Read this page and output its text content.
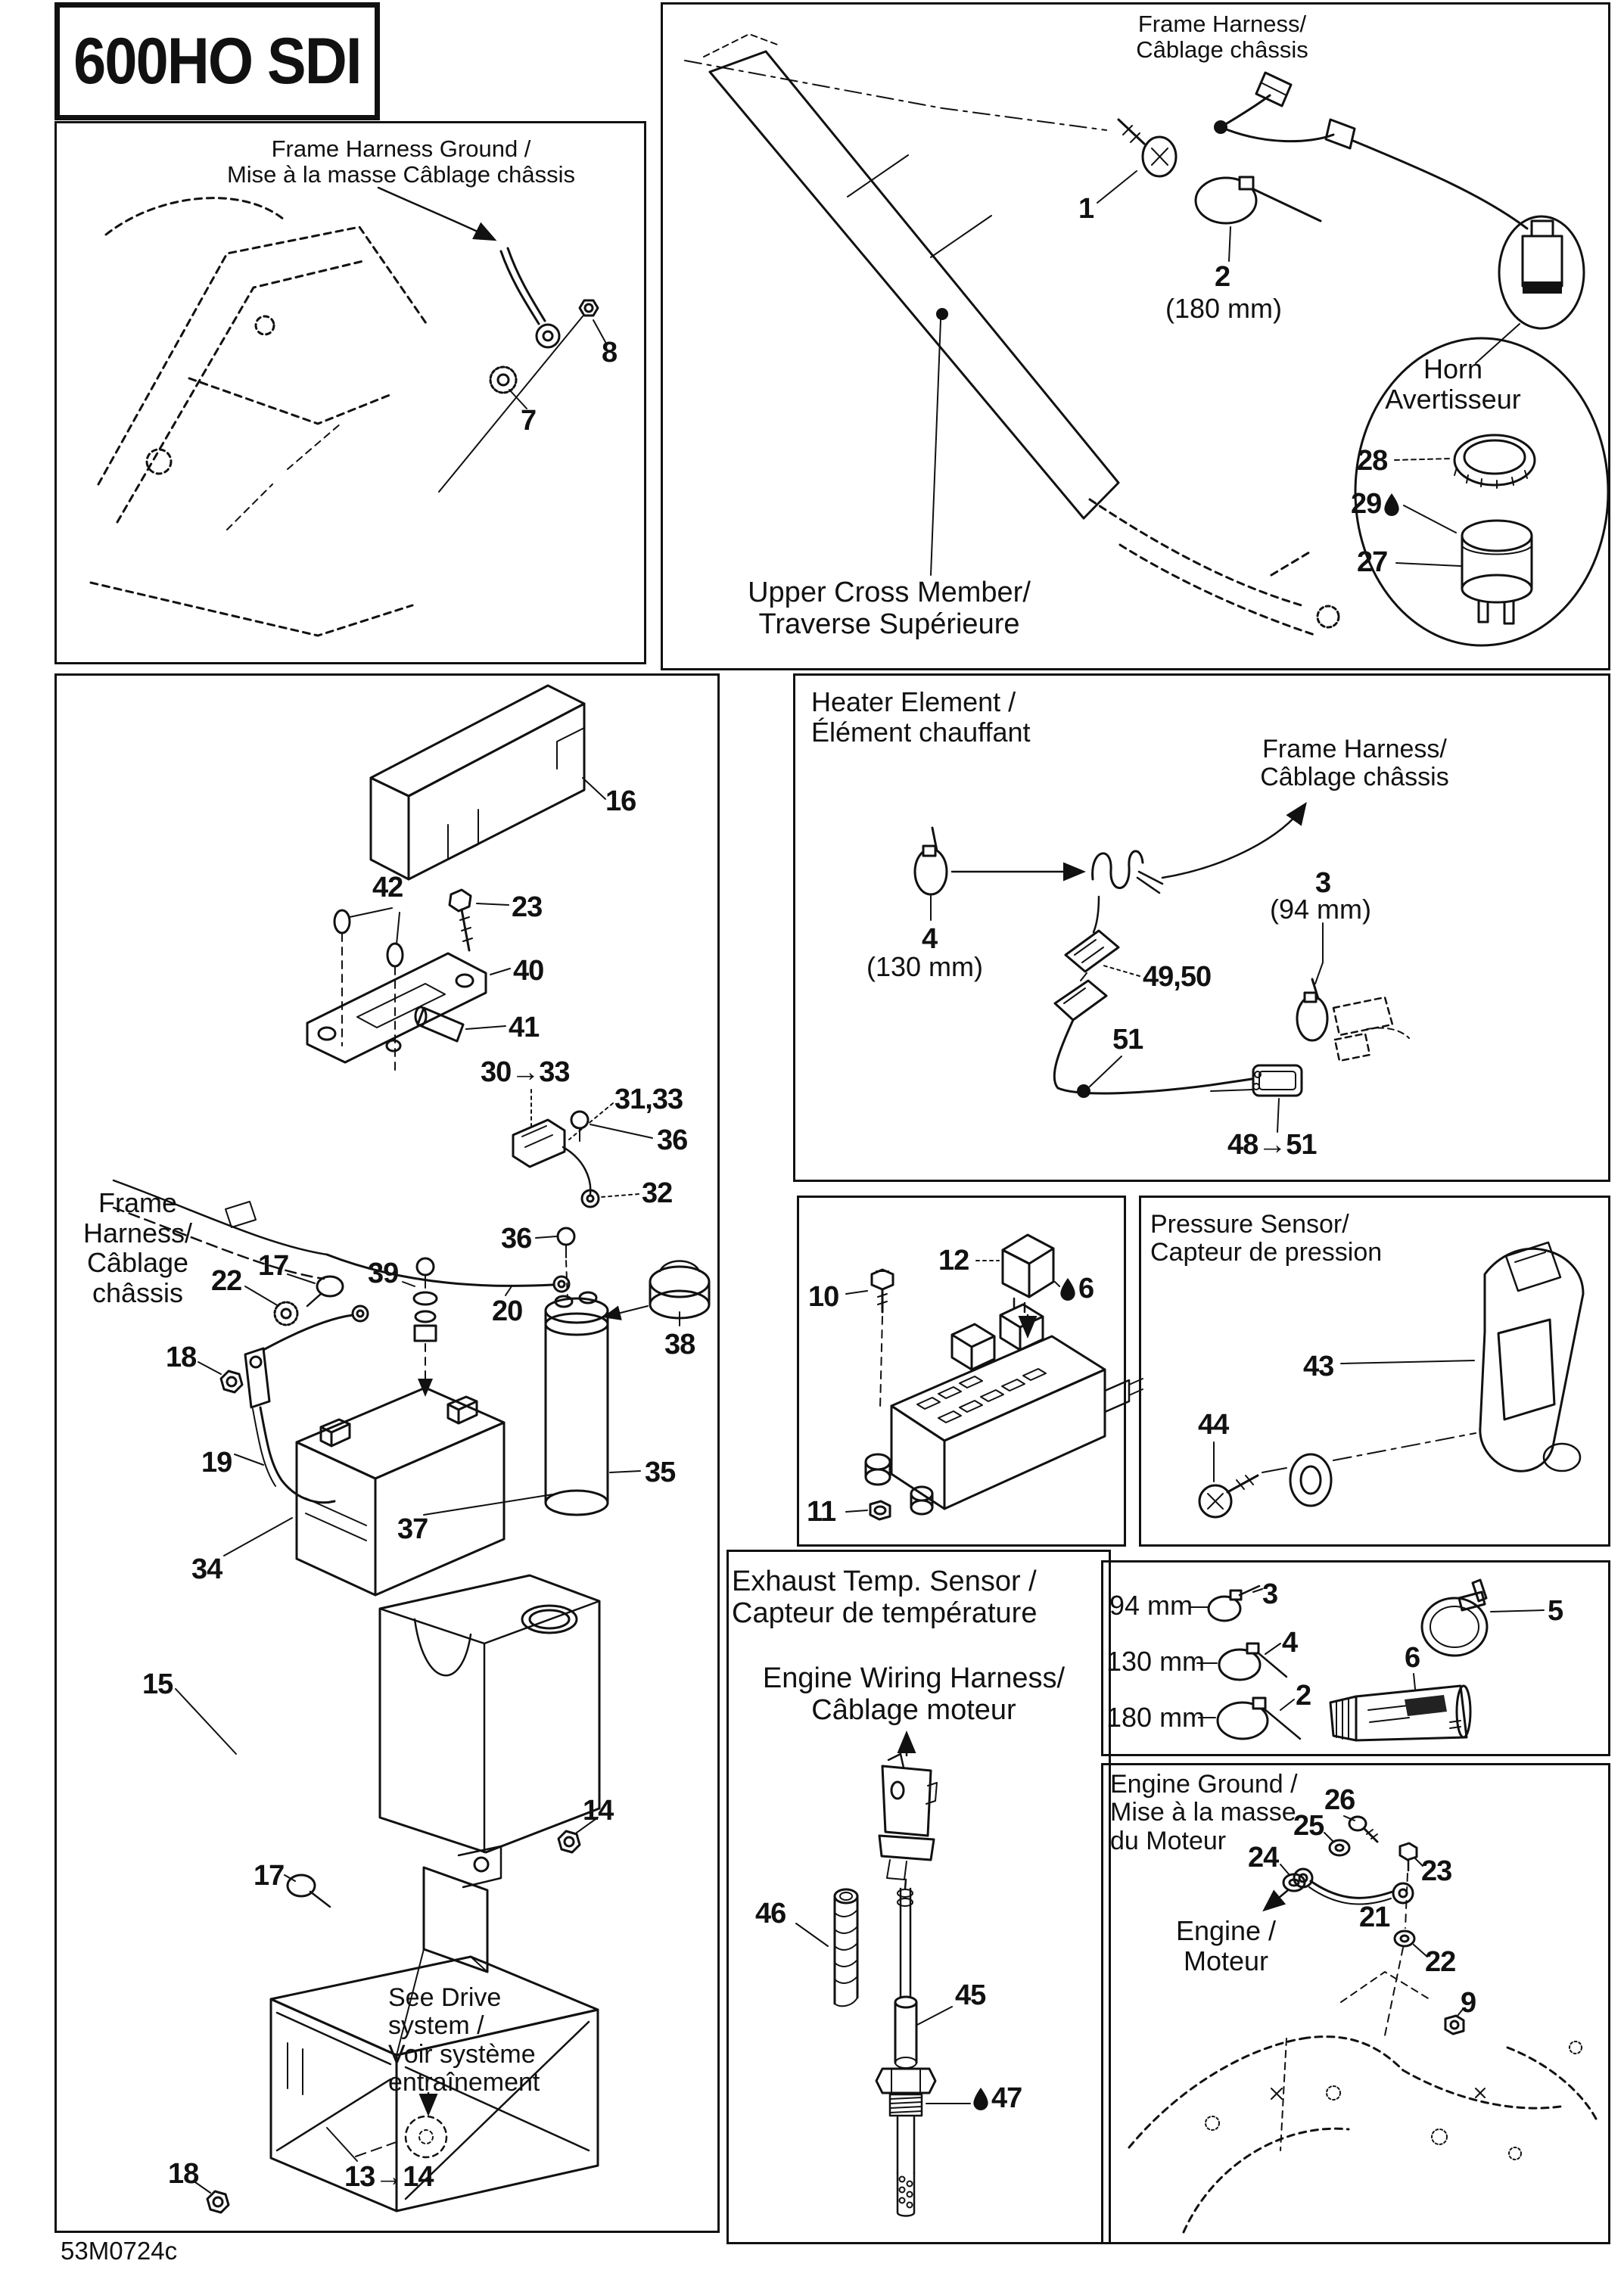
600HO SDI
Frame Harness Ground /
Mise à la masse Câblage châssis
8
7
Frame Harness/
Câblage châssis
1
2
(180 mm)
Horn
Avertisseur
28
29
27
Upper Cross Member/
Traverse Supérieure
16
42
23
40
41
30→33
31,33
36
32
36
39
20
38
35
37
34
22 17
18
19
15
14
17
18	13→14
Frame
Harness/
Câblage
châssis
See Drive
system /
Voir système
entraînement
Heater Element /
Élément chauffant
Frame Harness/
Câblage châssis
4
(130 mm)
3
(94 mm)
49,50
51
48→51
12
6
10
11
Pressure Sensor/
Capteur de pression
43
44
94 mm
130 mm
180 mm
3
4
2
5
6
Engine Ground /
Mise à la masse
du Moteur
26
25
24	23
21
22
9
Engine /
Moteur
Exhaust Temp. Sensor /
Capteur de température
Engine Wiring Harness/
Câblage moteur
46
45
47
53M0724c
